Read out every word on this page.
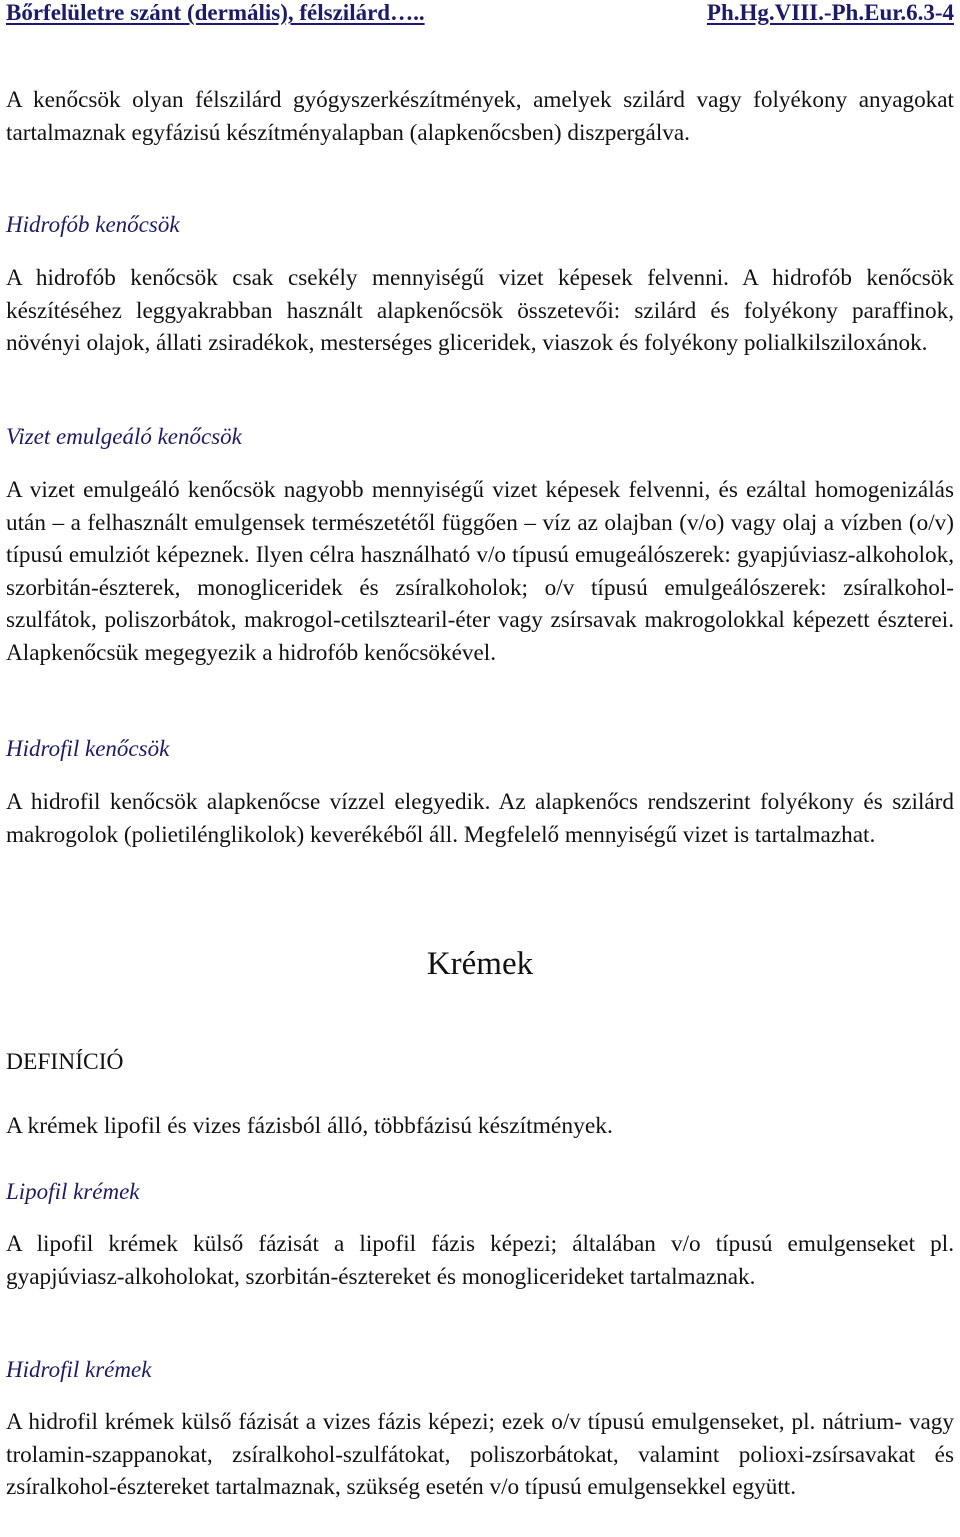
Bőrfelületre szánt (dermális), félszilárd…..	Ph.Hg.VIII.-Ph.Eur.6.3-4
A kenőcsök olyan félszilárd gyógyszerkészítmények, amelyek szilárd vagy folyékony anyagokat tartalmaznak egyfázisú készítményalapban (alapkenőcsben) diszpergálva.
Hidrofób kenőcsök
A hidrofób kenőcsök csak csekély mennyiségű vizet képesek felvenni. A hidrofób kenőcsök készítéséhez leggyakrabban használt alapkenőcsök összetevői: szilárd és folyékony paraffinok, növényi olajok, állati zsiradékok, mesterséges gliceridek, viaszok és folyékony polialkilsziloxánok.
Vizet emulgeáló kenőcsök
A vizet emulgeáló kenőcsök nagyobb mennyiségű vizet képesek felvenni, és ezáltal homogenizálás után – a felhasznált emulgensek természetétől függően – víz az olajban (v/o) vagy olaj a vízben (o/v) típusú emulziót képeznek. Ilyen célra használható v/o típusú emugeálószerek: gyapjúviasz-alkoholok, szorbitán-észterek, monogliceridek és zsíralkoholok; o/v típusú emulgeálószerek: zsíralkohol-szulfátok, poliszorbátok, makrogol-cetilsztearil-éter vagy zsírsavak makrogolokkal képezett észterei. Alapkenőcsük megegyezik a hidrofób kenőcsökével.
Hidrofil kenőcsök
A hidrofil kenőcsök alapkenőcse vízzel elegyedik. Az alapkenőcs rendszerint folyékony és szilárd makrogolok (polietilénglikolok) keverékéből áll. Megfelelő mennyiségű vizet is tartalmazhat.
Krémek
DEFINÍCIÓ
A krémek lipofil és vizes fázisból álló, többfázisú készítmények.
Lipofil krémek
A lipofil krémek külső fázisát a lipofil fázis képezi; általában v/o típusú emulgenseket pl. gyapjúviasz-alkoholokat, szorbitán-észtereket és monoglicerideket tartalmaznak.
Hidrofil krémek
A hidrofil krémek külső fázisát a vizes fázis képezi; ezek o/v típusú emulgenseket, pl. nátrium- vagy trolamin-szappanokat, zsíralkohol-szulfátokat, poliszorbátokat, valamint polioxi-zsírsavakat és zsíralkohol-észtereket tartalmaznak, szükség esetén v/o típusú emulgensekkel együtt.
